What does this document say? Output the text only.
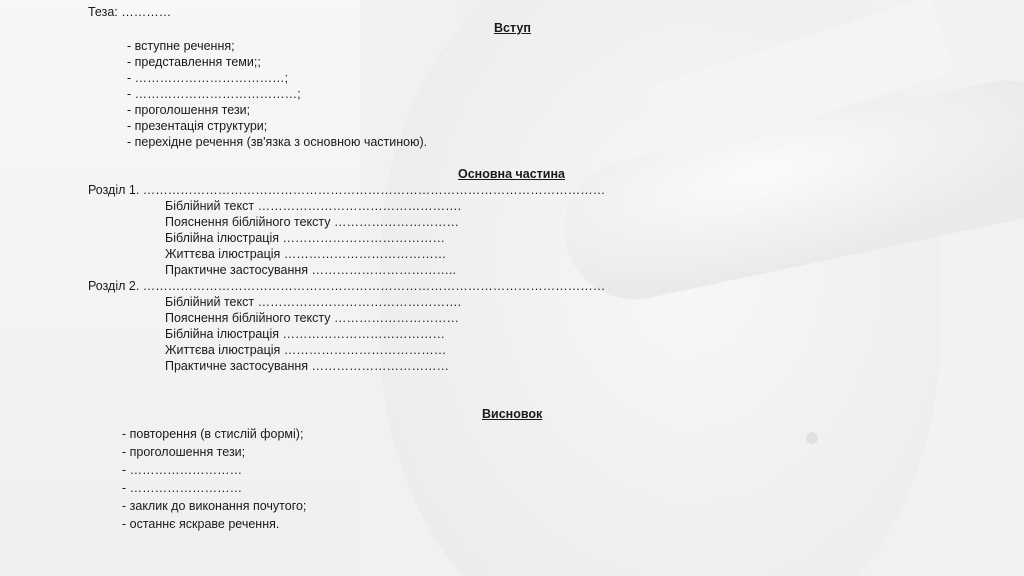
Теза: …………
Вступ
- вступне речення;
- представлення теми;;
- ………………………………;
- …………………………………;
- проголошення тези;
- презентація структури;
- перехідне речення (зв'язка з основною частиною).
Основна частина
Розділ 1. …………………………………………………………………………………………………
Біблійний текст ………………………………………….
Пояснення біблійного тексту …………………………
Біблійна ілюстрація …………………………………
Життєва ілюстрація …………………………………
Практичне застосування ……………………………..
Розділ 2. …………………………………………………………………………………………………
Біблійний текст ………………………………………….
Пояснення біблійного тексту …………………………
Біблійна ілюстрація …………………………………
Життєва ілюстрація …………………………………
Практичне застосування ……………………………
Висновок
- повторення (в стислій формі);
- проголошення тези;
- ………………………
- ………………………
- заклик до виконання почутого;
- останнє яскраве речення.
